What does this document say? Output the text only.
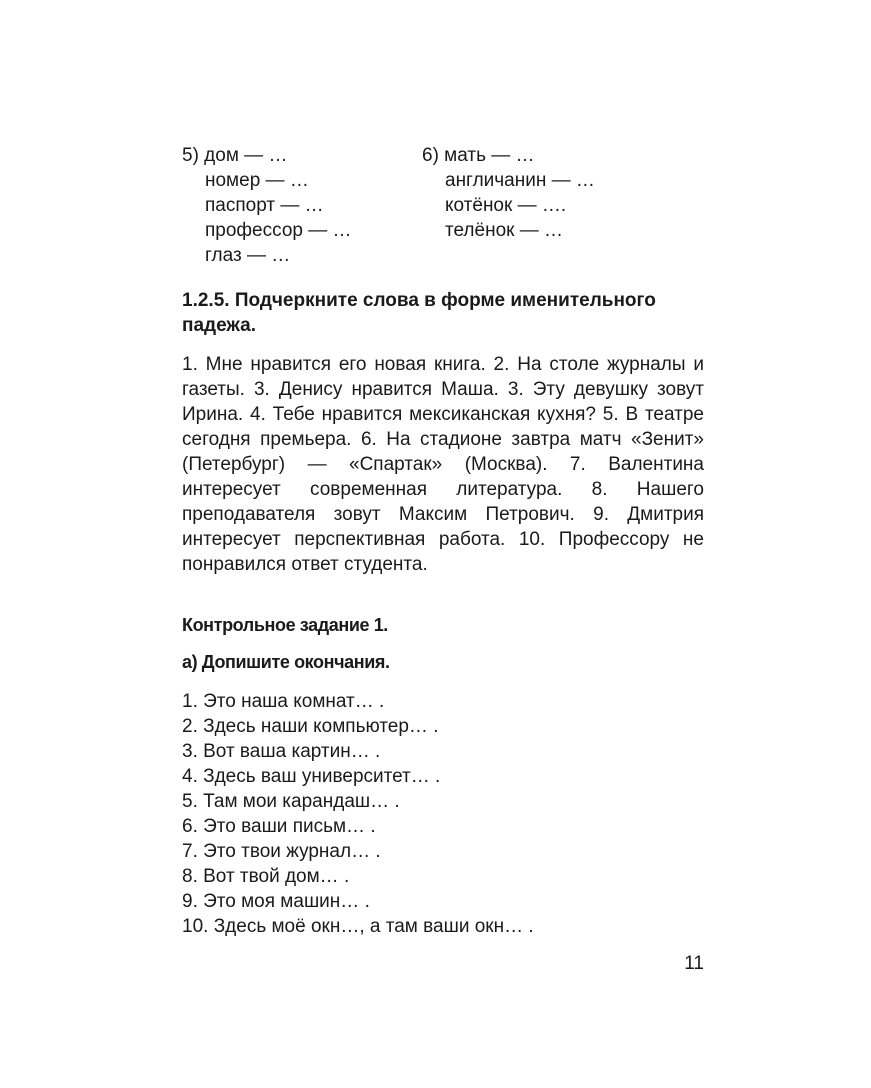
5) дом — …
номер — …
паспорт — …
профессор — …
глаз — …
6) мать — …
англичанин — …
котёнок — ….
телёнок — …
1.2.5. Подчеркните слова в форме именительного падежа.
1. Мне нравится его новая книга. 2. На столе журналы и газеты. 3. Денису нравится Маша. 3. Эту девушку зовут Ирина. 4. Тебе нравится мексиканская кухня? 5. В театре сегодня премьера. 6. На стадионе завтра матч «Зенит» (Петербург) — «Спартак» (Москва). 7. Валентина интересует современная литература. 8. Нашего преподавателя зовут Максим Петрович. 9. Дмитрия интересует перспективная работа. 10. Профессору не понравился ответ студента.
Контрольное задание 1.
а) Допишите окончания.
1. Это наша комнат… .
2. Здесь наши компьютер… .
3. Вот ваша картин… .
4. Здесь ваш университет… .
5. Там мои карандаш… .
6. Это ваши письм… .
7. Это твои журнал… .
8. Вот твой дом… .
9. Это моя машин… .
10. Здесь моё окн…, а там ваши окн… .
11
